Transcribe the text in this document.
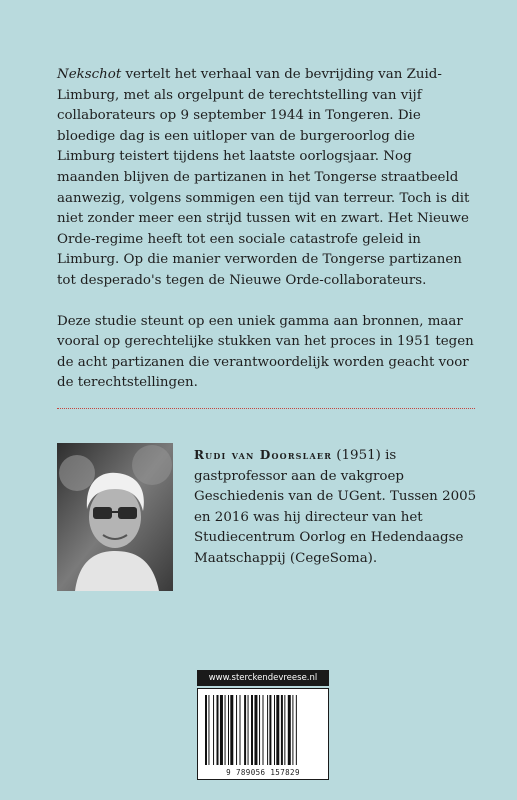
Nekschot vertelt het verhaal van de bevrijding van Zuid-Limburg, met als orgelpunt de terechtstelling van vijf collaborateurs op 9 september 1944 in Tongeren. Die bloedige dag is een uitloper van de burgeroorlog die Limburg teistert tijdens het laatste oorlogsjaar. Nog maanden blijven de partizanen in het Tongerse straatbeeld aanwezig, volgens sommigen een tijd van terreur. Toch is dit niet zonder meer een strijd tussen wit en zwart. Het Nieuwe Orde-regime heeft tot een sociale catastrofe geleid in Limburg. Op die manier verworden de Tongerse partizanen tot desperado's tegen de Nieuwe Orde-collaborateurs.

Deze studie steunt op een uniek gamma aan bronnen, maar vooral op gerechtelijke stukken van het proces in 1951 tegen de acht partizanen die verantwoordelijk worden geacht voor de terechtstellingen.

Rudi van Doorslaer (1951) is gastprofessor aan de vakgroep Geschiedenis van de UGent. Tussen 2005 en 2016 was hij directeur van het Studiecentrum Oorlog en Hedendaagse Maatschappij (CegeSoma).

www.sterckendevreese.nl
9 789056 157829
